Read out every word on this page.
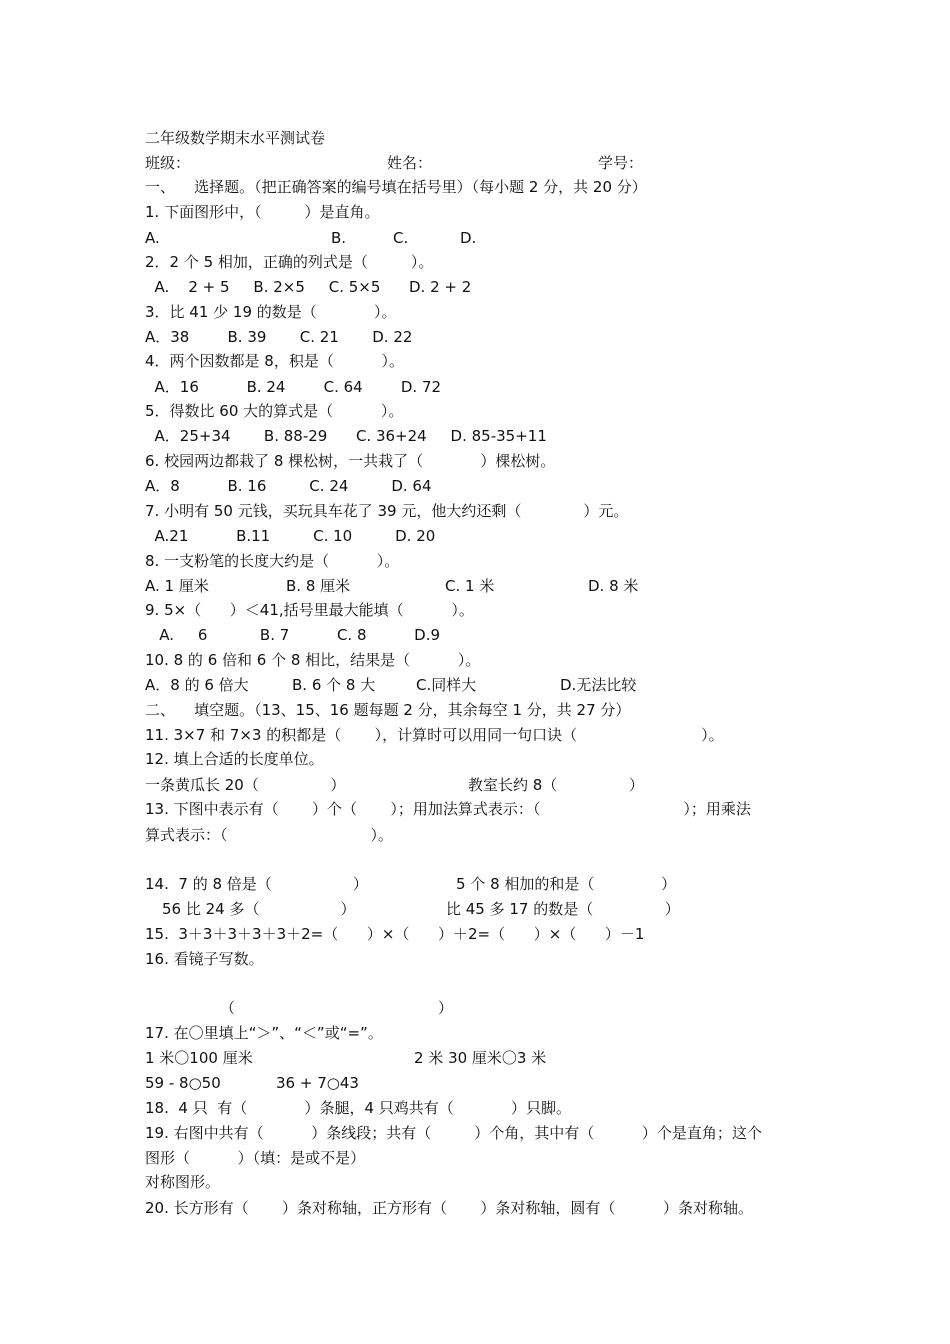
二年级数学期末水平测试卷
班级：	姓名：	学号：
一、    选择题。（把正确答案的编号填在括号里）（每小题 2 分，共 20 分）
1. 下面图形中，（         ）是直角。
A.	B.	C.	D.
2．2 个 5 相加，正确的列式是（         ）。
A.    2 + 5     B. 2×5     C. 5×5      D. 2 + 2
3．比 41 少 19 的数是（            ）。
A．38        B. 39       C. 21       D. 22
4．两个因数都是 8，积是（          ）。
A．16          B. 24        C. 64        D. 72
5．得数比 60 大的算式是（          ）。
A．25+34       B. 88-29      C. 36+24     D. 85-35+11
6. 校园两边都栽了 8 棵松树，一共栽了（            ）棵松树。
A．8          B. 16         C. 24         D. 64
7. 小明有 50 元钱，买玩具车花了 39 元，他大约还剩（             ）元。
A.21          B.11         C. 10         D. 20
8. 一支粉笔的长度大约是（          ）。
A. 1 厘米	B. 8 厘米	C. 1 米	D. 8 米
9. 5×（      ）＜41,括号里最大能填（          ）。
A.     6           B. 7          C. 8          D.9
10. 8 的 6 倍和 6 个 8 相比，结果是（          ）。
A．8 的 6 倍大	B. 6 个 8 大	C.同样大	D.无法比较
二、    填空题。（13、15、16 题每题 2 分，其余每空 1 分，共 27 分）
11. 3×7 和 7×3 的积都是（       ），计算时可以用同一句口诀（                          ）。
12. 填上合适的长度单位。
一条黄瓜长 20（               ）	教室长约 8（               ）
13. 下图中表示有（       ）个（       ）；用加法算式表示：（                              ）；用乘法
算式表示：（                              ）。
14.  7 的 8 倍是（                 ）	5 个 8 相加的和是（              ）
56 比 24 多（                 ）	比 45 多 17 的数是（               ）
15.  3＋3＋3＋3＋3＋2=（      ）×（      ）＋2=（      ）×（      ）－1
16. 看镜子写数。
（	）
17. 在〇里填上“＞”、“＜”或“=”。
1 米〇100 厘米	2 米 30 厘米〇3 米
59 - 8○50	36 + 7○43
18.  4 只  有（            ）条腿，4 只鸡共有（            ）只脚。
19. 右图中共有（          ）条线段；共有（         ）个角，其中有（          ）个是直角；这个
图形（          ）（填：是或不是）
对称图形。
20. 长方形有（       ）条对称轴，正方形有（       ）条对称轴，圆有（          ）条对称轴。
